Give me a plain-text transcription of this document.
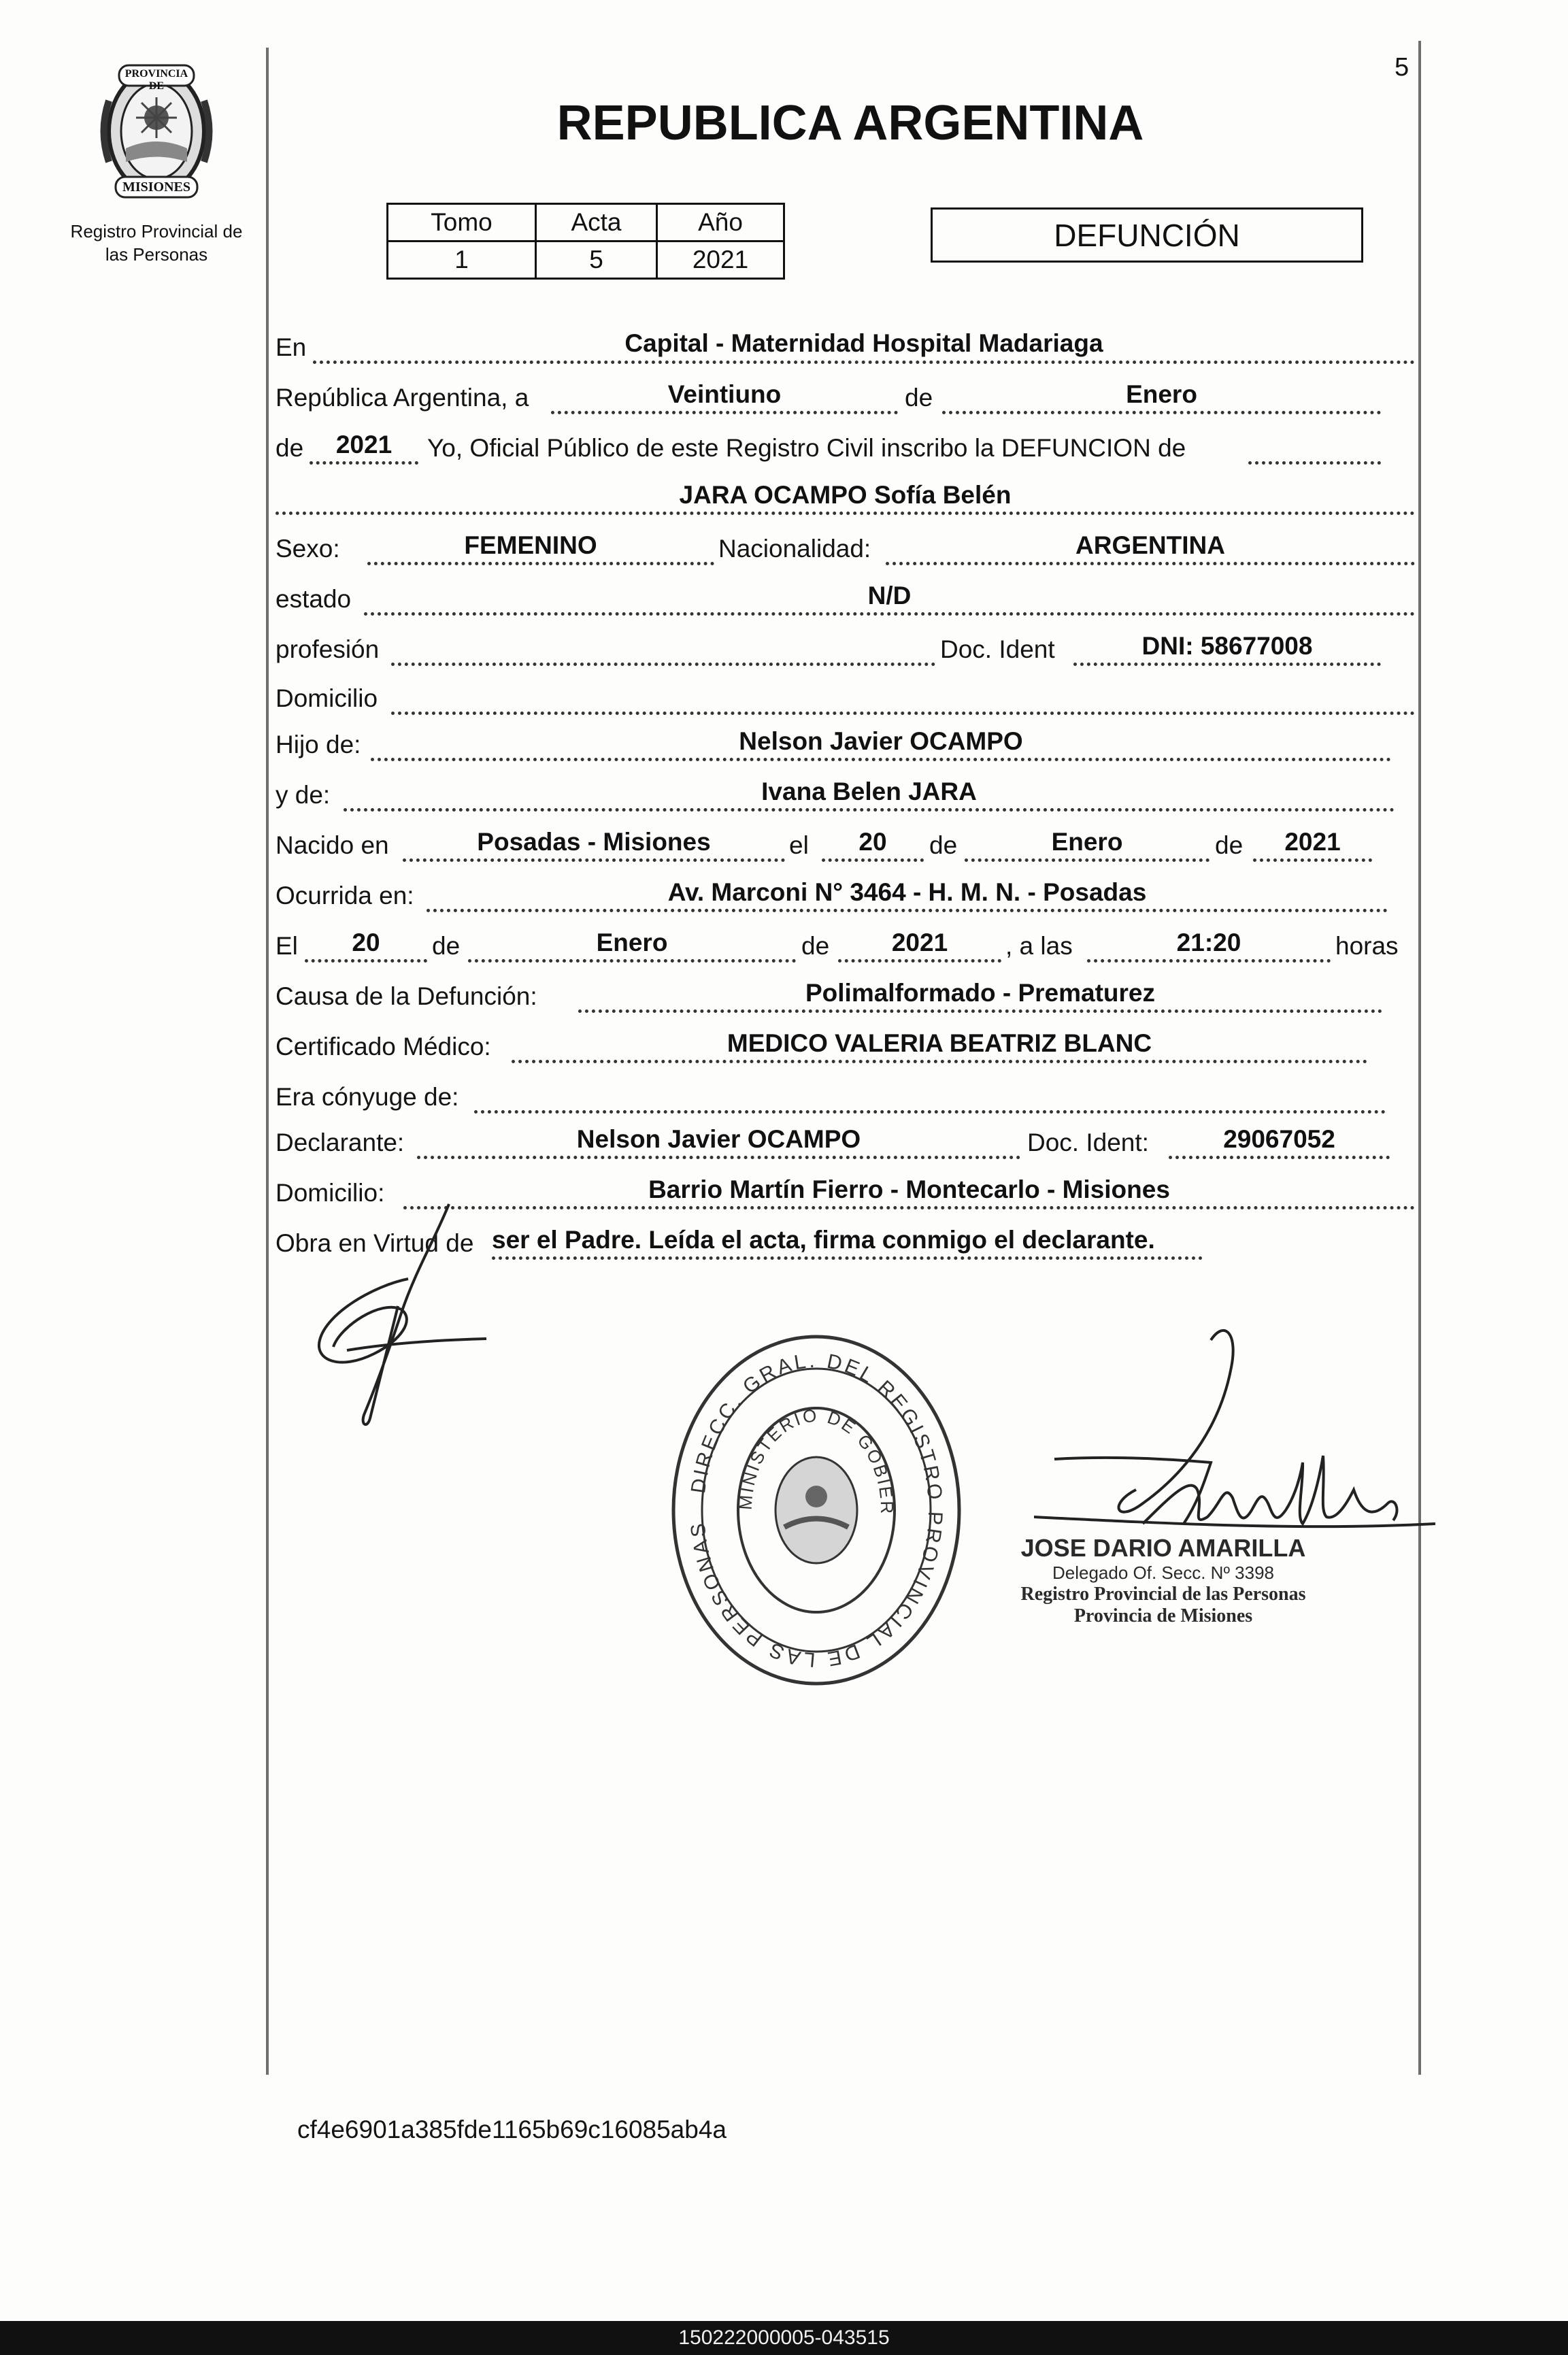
5
PROVINCIA DE
MISIONES
Registro Provincial de
las Personas
REPUBLICA ARGENTINA
Tomo	Acta	Año
1	5	2021
DEFUNCIÓN
En	Capital - Maternidad Hospital Madariaga
República Argentina, a	Veintiuno	de	Enero
de	2021	Yo, Oficial Público de este Registro Civil inscribo la DEFUNCION de
JARA OCAMPO Sofía Belén
Sexo:	FEMENINO	Nacionalidad:	ARGENTINA
estado	N/D
profesión	Doc. Ident	DNI: 58677008
Domicilio
Hijo de:	Nelson Javier OCAMPO
y de:	Ivana Belen JARA
Nacido en	Posadas - Misiones	el	20	de	Enero	de	2021
Ocurrida en:	Av. Marconi N° 3464 - H. M. N. - Posadas
El	20	de	Enero	de	2021	, a las	21:20	horas
Causa de la Defunción:	Polimalformado - Prematurez
Certificado Médico:	MEDICO VALERIA BEATRIZ BLANC
Era cónyuge de:
Declarante:	Nelson Javier OCAMPO	Doc. Ident:	29067052
Domicilio:	Barrio Martín Fierro - Montecarlo - Misiones
Obra en Virtud de ser el Padre. Leída el acta, firma conmigo el declarante.
DIRECC. GRAL. DEL REGISTRO PROVINCIAL DE LAS PERSONAS
MINISTERIO DE GOBIER
JOSE DARIO AMARILLA
Delegado Of. Secc. Nº 3398
Registro Provincial de las Personas
Provincia de Misiones
cf4e6901a385fde1165b69c16085ab4a
150222000005-043515
